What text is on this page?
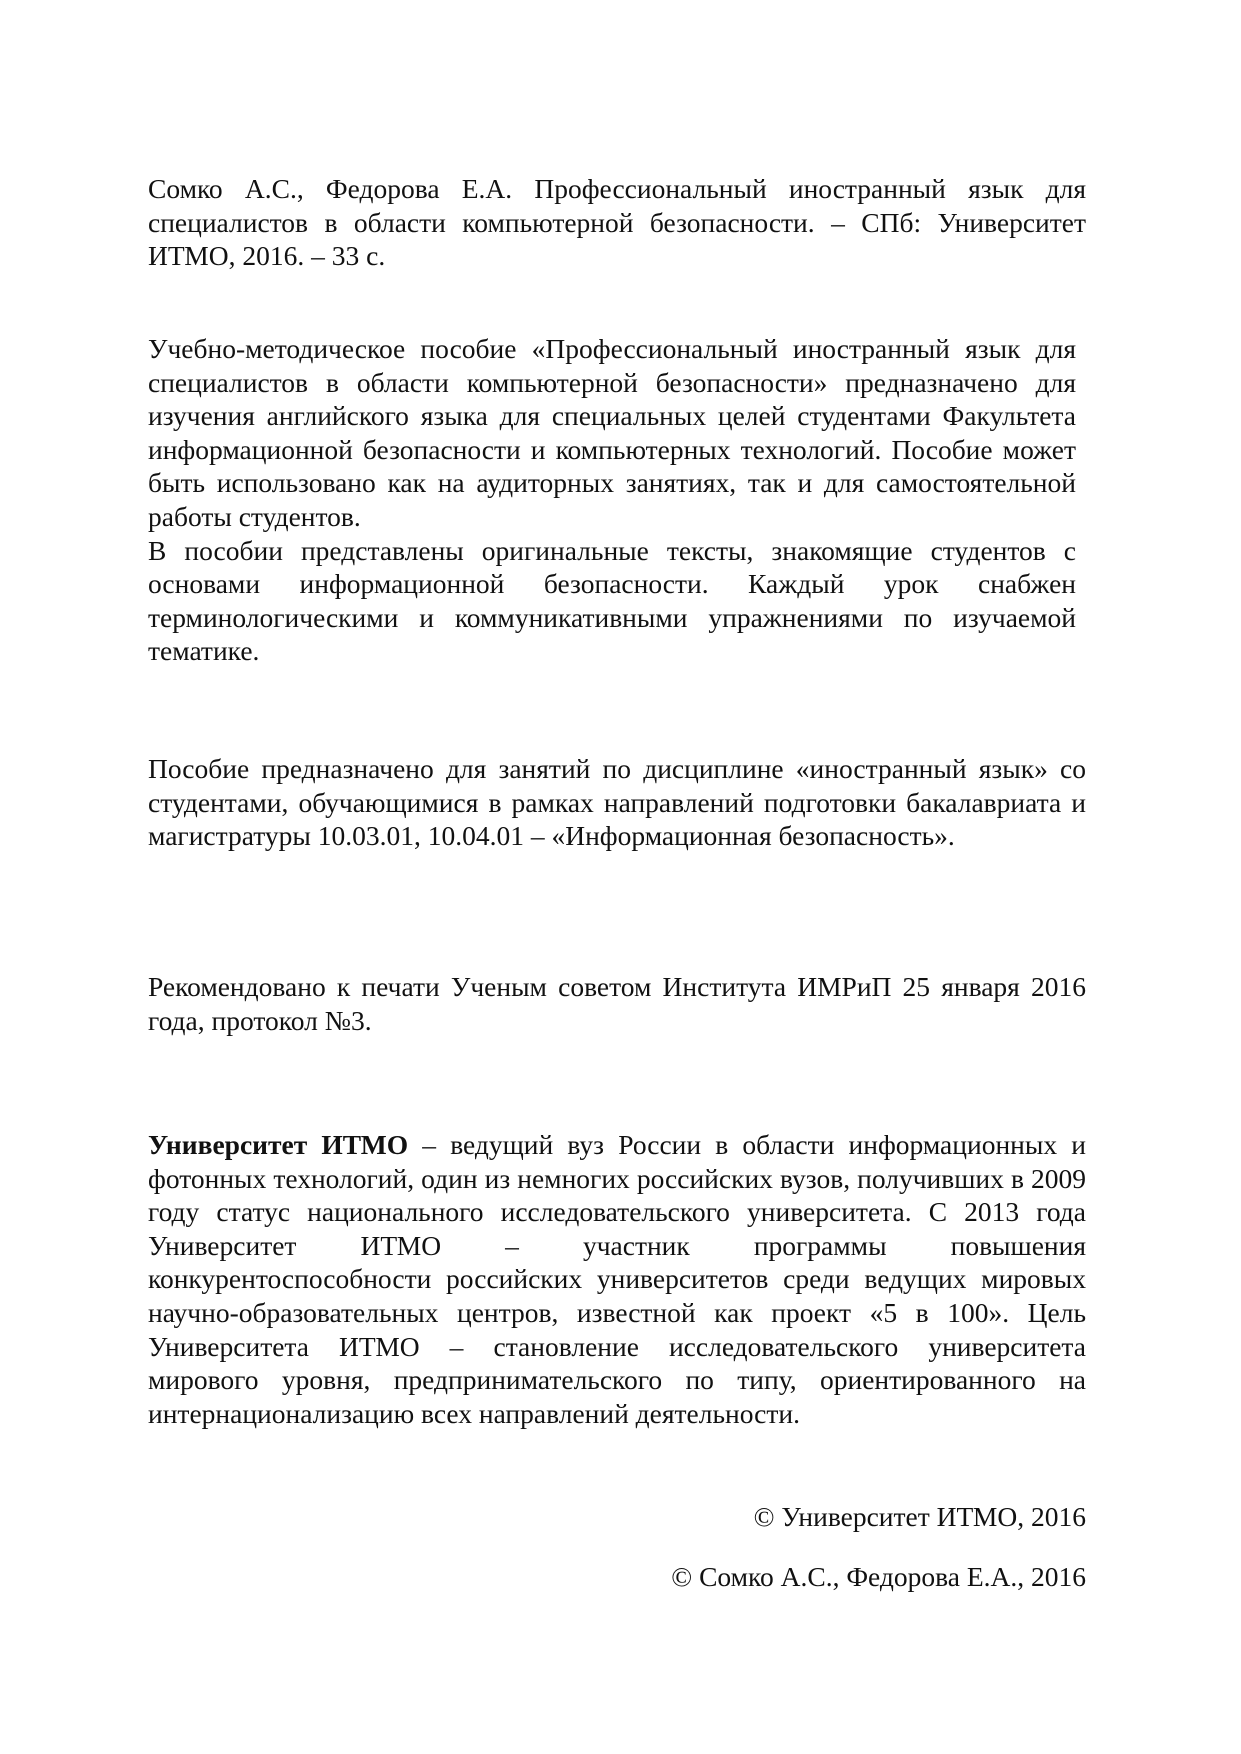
Сомко А.С., Федорова Е.А. Профессиональный иностранный язык для специалистов в области компьютерной безопасности. – СПб: Университет ИТМО, 2016. – 33 с.

Учебно-методическое пособие «Профессиональный иностранный язык для специалистов в области компьютерной безопасности» предназначено для изучения английского языка для специальных целей студентами Факультета информационной безопасности и компьютерных технологий. Пособие может быть использовано как на аудиторных занятиях, так и для самостоятельной работы студентов.

В пособии представлены оригинальные тексты, знакомящие студентов с основами информационной безопасности. Каждый урок снабжен терминологическими и коммуникативными упражнениями по изучаемой тематике.

Пособие предназначено для занятий по дисциплине «иностранный язык» со студентами, обучающимися в рамках направлений подготовки бакалавриата и магистратуры 10.03.01, 10.04.01 – «Информационная безопасность».

Рекомендовано к печати Ученым советом Института ИМРиП 25 января 2016 года, протокол №3.

Университет ИТМО – ведущий вуз России в области информационных и фотонных технологий, один из немногих российских вузов, получивших в 2009 году статус национального исследовательского университета. С 2013 года Университет ИТМО – участник программы повышения конкурентоспособности российских университетов среди ведущих мировых научно-образовательных центров, известной как проект «5 в 100». Цель Университета ИТМО – становление исследовательского университета мирового уровня, предпринимательского по типу, ориентированного на интернационализацию всех направлений деятельности.

© Университет ИТМО, 2016
© Сомко А.С., Федорова Е.А., 2016
